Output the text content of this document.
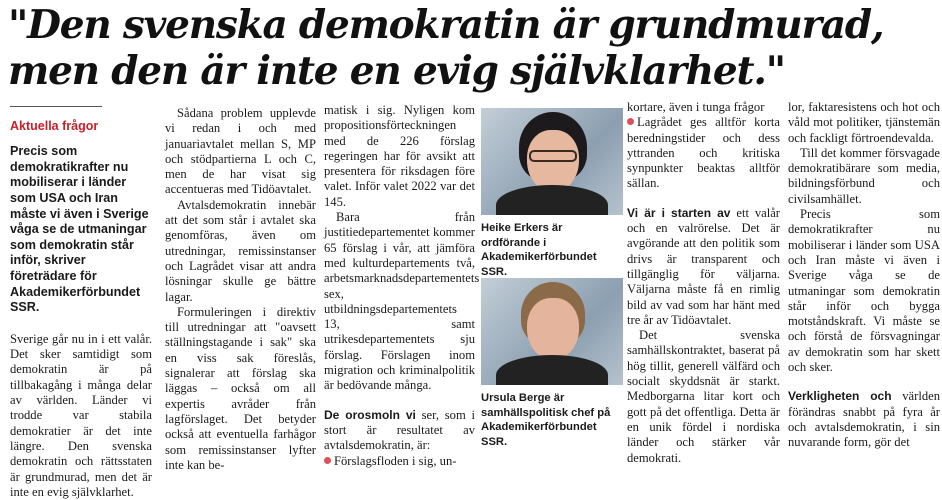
"Den svenska demokratin är grundmurad,
men den är inte en evig självklarhet."
Aktuella frågor
Precis som demokratikrafter nu mobiliserar i länder som USA och Iran måste vi även i Sverige våga se de utmaningar som demokratin står inför, skriver företrädare för Akademikerförbundet SSR.

Sverige går nu in i ett valår. Det sker samtidigt som demokratin är på tillbakagång i många delar av världen. Länder vi trodde var stabila demokratier är det inte längre. Den svenska demokratin och rättsstaten är grundmurad, men det är inte en evig självklarhet.

Sådana problem upplevde vi redan i och med januariavtalet mellan S, MP och stödpartierna L och C, men de har visat sig accentueras med Tidöavtalet.

Avtalsdemokratin innebär att det som står i avtalet ska genomföras, även om utredningar, remissinstanser och Lagrådet visar att andra lösningar skulle ge bättre lagar.

Formuleringen i direktiv till utredningar att "oavsett ställningstagande i sak" ska en viss sak föreslås, signalerar att förslag ska läggas – också om all expertis avråder från lagförslaget. Det betyder också att eventuella farhågor som remissinstanser lyfter inte kan be-

matisk i sig. Nyligen kom propositionsförteckningen med de 226 förslag regeringen har för avsikt att presentera för riksdagen före valet. Inför valet 2022 var det 145.

Bara från justitiedepartementet kommer 65 förslag i vår, att jämföra med kulturdepartements två, arbetsmarknadsdepartementets sex, utbildningsdepartementets 13, samt utrikesdepartementets sju förslag. Förslagen inom migration och kriminalpolitik är bedövande många.

De orosmoln vi ser, som i stort är resultatet av avtalsdemokratin, är:

Förslagsfloden i sig, un-

Heike Erkers är ordförande i Akademikerförbundet SSR.
Ursula Berge är samhällspolitisk chef på Akademikerförbundet SSR.

kortare, även i tunga frågor

Lagrådet ges alltför korta beredningstider och dess yttranden och kritiska synpunkter beaktas alltför sällan.

Vi är i starten av ett valår och en valrörelse. Det är avgörande att den politik som drivs är transparent och tillgänglig för väljarna. Väljarna måste få en rimlig bild av vad som har hänt med tre år av Tidöavtalet.

Det svenska samhällskontraktet, baserat på hög tillit, generell välfärd och socialt skyddsnät är starkt. Medborgarna litar kort och gott på det offentliga. Detta är en unik fördel i nordiska länder och stärker vår demokrati.

lor, faktaresistens och hot och våld mot politiker, tjänstemän och fackligt förtroendevalda.

Till det kommer försvagade demokratibärare som media, bildningsförbund och civilsamhället.

Precis som demokratikrafter nu mobiliserar i länder som USA och Iran måste vi även i Sverige våga se de utmaningar som demokratin står inför och bygga motståndskraft. Vi måste se och förstå de försvagningar av demokratin som har skett och sker.

Verkligheten och världen förändras snabbt på fyra år och avtalsdemokratin, i sin nuvarande form, gör det
